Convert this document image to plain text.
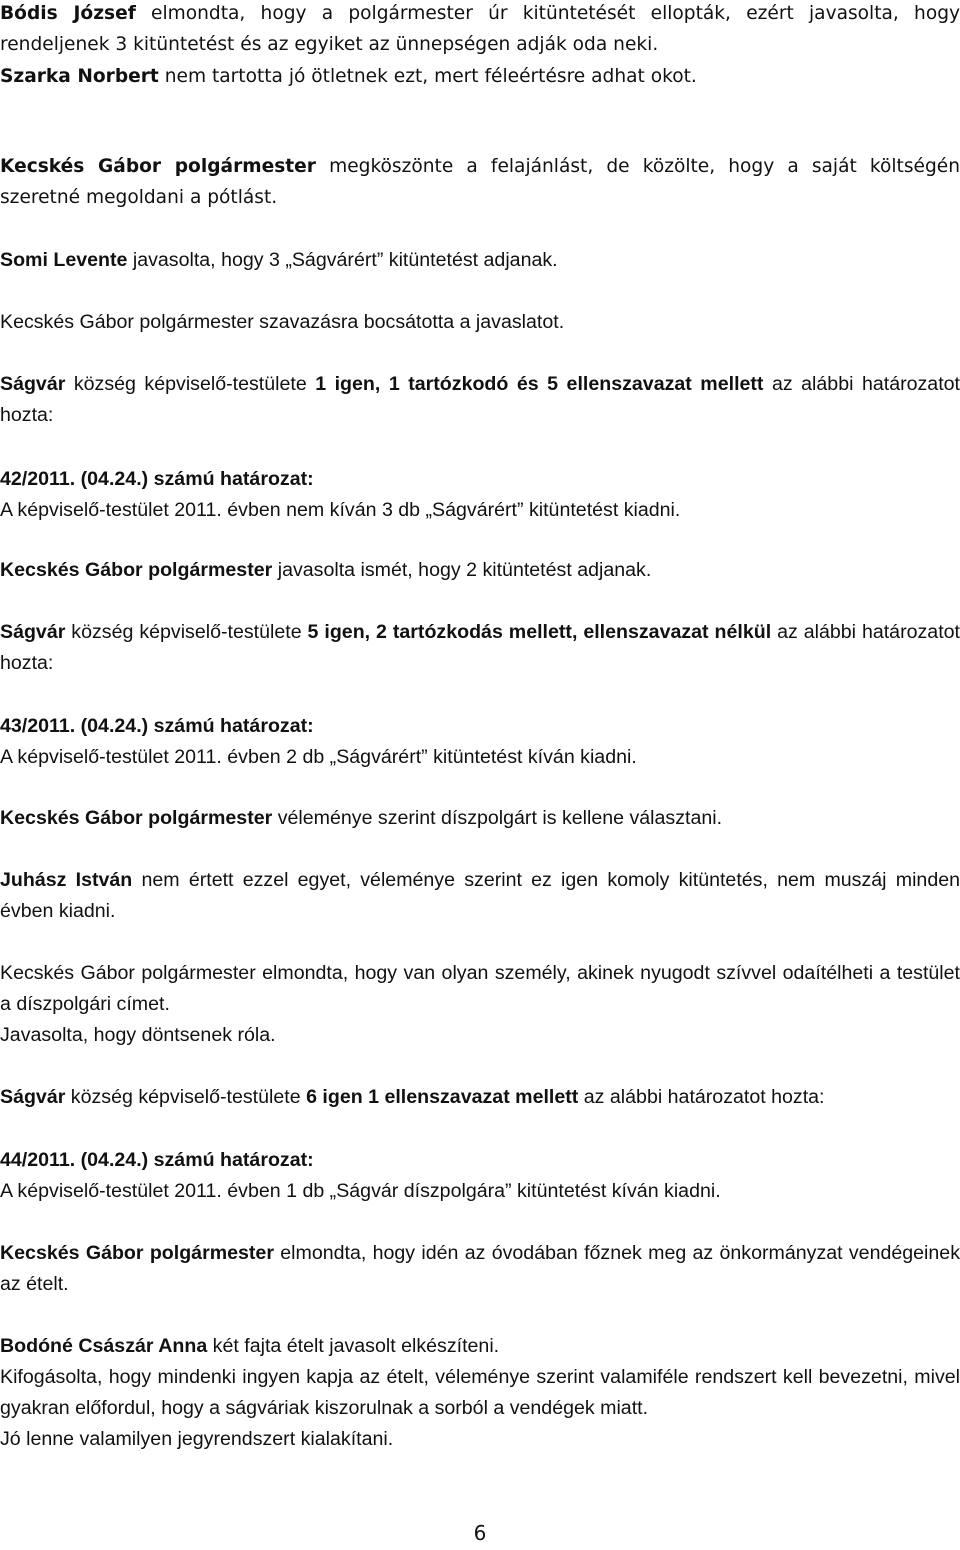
Bódis József elmondta, hogy a polgármester úr kitüntetését ellopták, ezért javasolta, hogy rendeljenek 3 kitüntetést és az egyiket az ünnepségen adják oda neki.

Szarka Norbert nem tartotta jó ötletnek ezt, mert féleértésre adhat okot.

Kecskés Gábor polgármester megköszönte a felajánlást, de közölte, hogy a saját költségén szeretné megoldani a pótlást.

Somi Levente javasolta, hogy 3 „Ságvárért” kitüntetést adjanak.

Kecskés Gábor polgármester szavazásra bocsátotta a javaslatot.

Ságvár község képviselő-testülete 1 igen, 1 tartózkodó és 5 ellenszavazat mellett az alábbi határozatot hozta:

42/2011. (04.24.) számú határozat:
A képviselő-testület 2011. évben nem kíván 3 db „Ságvárért” kitüntetést kiadni.

Kecskés Gábor polgármester javasolta ismét, hogy 2 kitüntetést adjanak.

Ságvár község képviselő-testülete 5 igen, 2 tartózkodás mellett, ellenszavazat nélkül az alábbi határozatot hozta:

43/2011. (04.24.) számú határozat:
A képviselő-testület 2011. évben 2 db „Ságvárért” kitüntetést kíván kiadni.

Kecskés Gábor polgármester véleménye szerint díszpolgárt is kellene választani.

Juhász István nem értett ezzel egyet, véleménye szerint ez igen komoly kitüntetés, nem muszáj minden évben kiadni.

Kecskés Gábor polgármester elmondta, hogy van olyan személy, akinek nyugodt szívvel odaítélheti a testület a díszpolgári címet.
Javasolta, hogy döntsenek róla.

Ságvár község képviselő-testülete 6 igen 1 ellenszavazat mellett az alábbi határozatot hozta:

44/2011. (04.24.) számú határozat:
A képviselő-testület 2011. évben 1 db „Ságvár díszpolgára” kitüntetést kíván kiadni.

Kecskés Gábor polgármester elmondta, hogy idén az óvodában főznek meg az önkormányzat vendégeinek az ételt.

Bodóné Császár Anna két fajta ételt javasolt elkészíteni.
Kifogásolta, hogy mindenki ingyen kapja az ételt, véleménye szerint valamiféle rendszert kell bevezetni, mivel gyakran előfordul, hogy a ságváriak kiszorulnak a sorból a vendégek miatt.
Jó lenne valamilyen jegyrendszert kialakítani.
6
